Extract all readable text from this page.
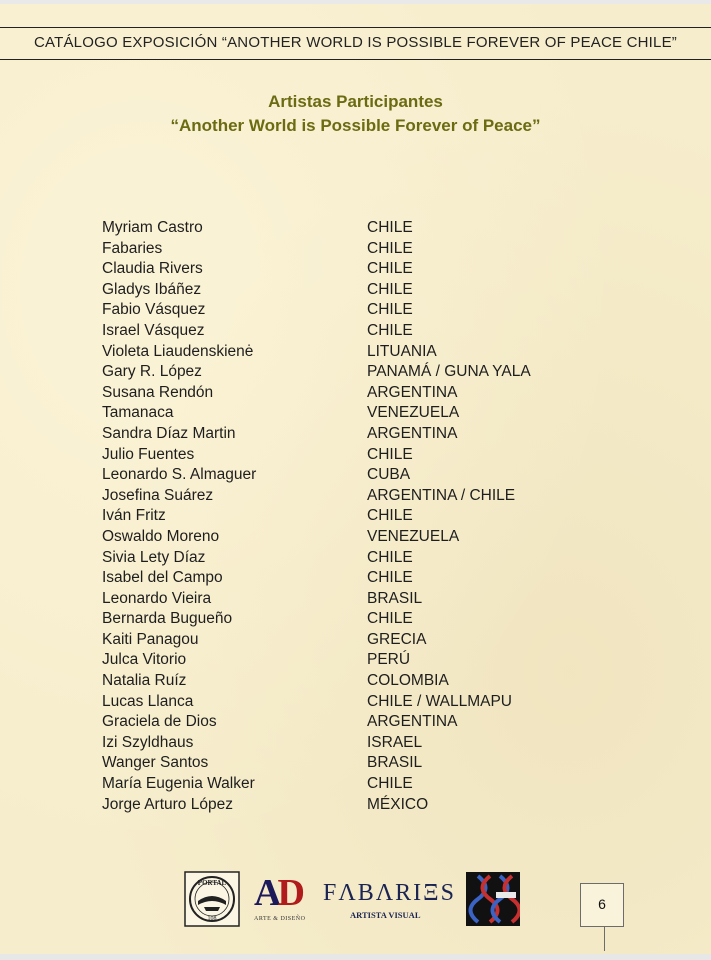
CATÁLOGO EXPOSICIÓN “ANOTHER WORLD IS POSSIBLE FOREVER OF PEACE CHILE”
Artistas Participantes
“Another World is Possible Forever of Peace”
Myriam Castro	CHILE
Fabaries	CHILE
Claudia Rivers	CHILE
Gladys Ibáñez	CHILE
Fabio Vásquez	CHILE
Israel Vásquez	CHILE
Violeta Liaudenskienė	LITUANIA
Gary R. López	PANAMÁ / GUNA YALA
Susana Rendón	ARGENTINA
Tamanaca	VENEZUELA
Sandra Díaz Martin	ARGENTINA
Julio Fuentes	CHILE
Leonardo S. Almaguer	CUBA
Josefina Suárez	ARGENTINA / CHILE
Iván Fritz	CHILE
Oswaldo Moreno	VENEZUELA
Sivia Lety Díaz	CHILE
Isabel del Campo	CHILE
Leonardo Vieira	BRASIL
Bernarda Bugueño	CHILE
Kaiti Panagou	GRECIA
Julca Vitorio	PERÚ
Natalia Ruíz	COLOMBIA
Lucas Llanca	CHILE / WALLMAPU
Graciela de Dios	ARGENTINA
Izi Szyldhaus	ISRAEL
Wanger Santos	BRASIL
María Eugenia Walker	CHILE
Jorge Arturo López	MÉXICO
PORTAL
108
AD
ARTE & DISEÑO
FΛBΛRIΞS
ARTISTA VISUAL
6
